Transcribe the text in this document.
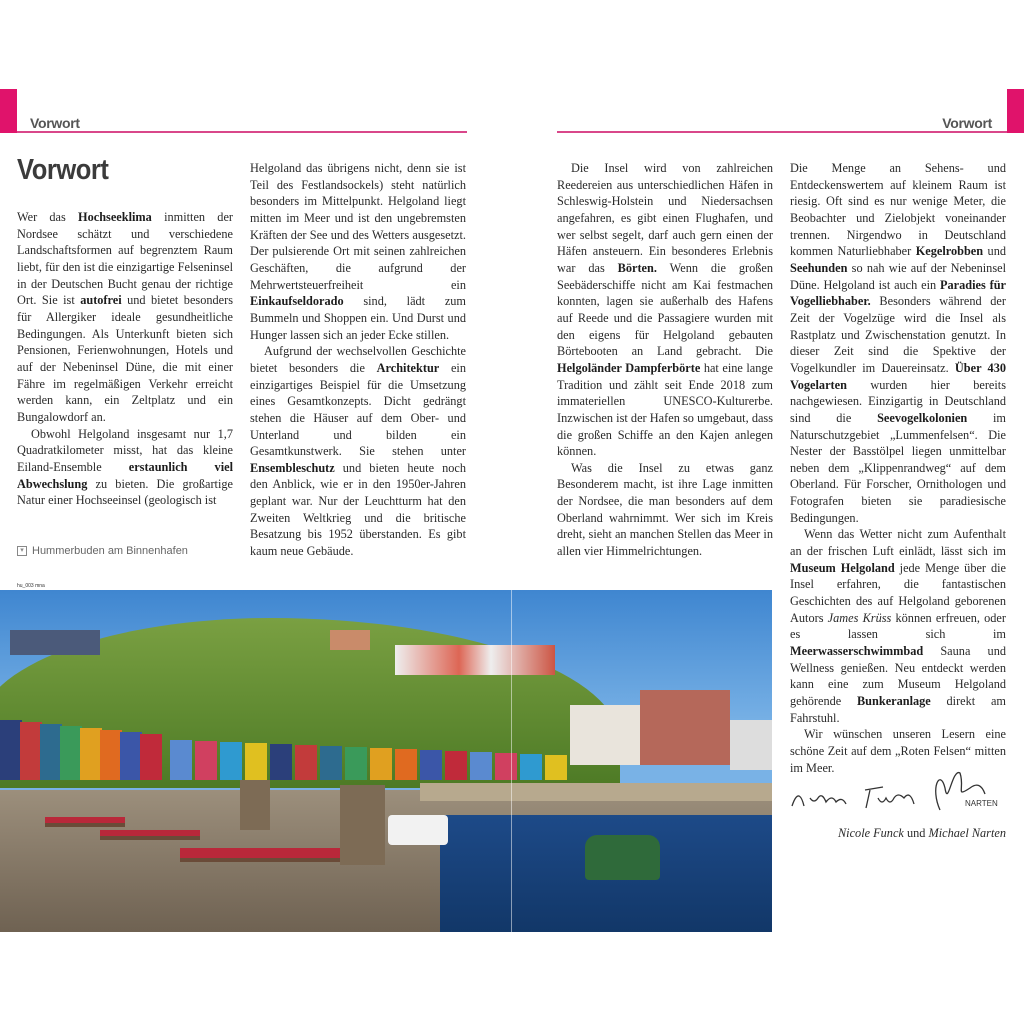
Vorwort	Vorwort
Vorwort

Wer das Hochseeklima inmitten der Nordsee schätzt und verschiedene Landschaftsformen auf begrenztem Raum liebt, für den ist die einzigartige Felseninsel in der Deutschen Bucht genau der richtige Ort. Sie ist autofrei und bietet besonders für Allergiker ideale gesundheitliche Bedingungen. Als Unterkunft bieten sich Pensionen, Ferienwohnungen, Hotels und auf der Nebeninsel Düne, die mit einer Fähre im regelmäßigen Verkehr erreicht werden kann, ein Zeltplatz und ein Bungalowdorf an.

Obwohl Helgoland insgesamt nur 1,7 Quadratkilometer misst, hat das kleine Eiland-Ensemble erstaunlich viel Abwechslung zu bieten. Die großartige Natur einer Hochseeinsel (geologisch ist

Helgoland das übrigens nicht, denn sie ist Teil des Festlandsockels) steht natürlich besonders im Mittelpunkt. Helgoland liegt mitten im Meer und ist den ungebremsten Kräften der See und des Wetters ausgesetzt. Der pulsierende Ort mit seinen zahlreichen Geschäften, die aufgrund der Mehrwertsteuerfreiheit ein Einkaufseldorado sind, lädt zum Bummeln und Shoppen ein. Und Durst und Hunger lassen sich an jeder Ecke stillen.

Aufgrund der wechselvollen Geschichte bietet besonders die Architektur ein einzigartiges Beispiel für die Umsetzung eines Gesamtkonzepts. Dicht gedrängt stehen die Häuser auf dem Ober- und Unterland und bilden ein Gesamtkunstwerk. Sie stehen unter Ensembleschutz und bieten heute noch den Anblick, wie er in den 1950er-Jahren geplant war. Nur der Leuchtturm hat den Zweiten Weltkrieg und die britische Besatzung bis 1952 überstanden. Es gibt kaum neue Gebäude.

Die Insel wird von zahlreichen Reedereien aus unterschiedlichen Häfen in Schleswig-Holstein und Niedersachsen angefahren, es gibt einen Flughafen, und wer selbst segelt, darf auch gern einen der Häfen ansteuern. Ein besonderes Erlebnis war das Börten. Wenn die großen Seebäderschiffe nicht am Kai festmachen konnten, lagen sie außerhalb des Hafens auf Reede und die Passagiere wurden mit den eigens für Helgoland gebauten Börtebooten an Land gebracht. Die Helgoländer Dampferbörte hat eine lange Tradition und zählt seit Ende 2018 zum immateriellen UNESCO-Kulturerbe. Inzwischen ist der Hafen so umgebaut, dass die großen Schiffe an den Kajen anlegen können.

Was die Insel zu etwas ganz Besonderem macht, ist ihre Lage inmitten der Nordsee, die man besonders auf dem Oberland wahrnimmt. Wer sich im Kreis dreht, sieht an manchen Stellen das Meer in allen vier Himmelrichtungen.

Die Menge an Sehens- und Entdeckenswertem auf kleinem Raum ist riesig. Oft sind es nur wenige Meter, die Beobachter und Zielobjekt voneinander trennen. Nirgendwo in Deutschland kommen Naturliebhaber Kegelrobben und Seehunden so nah wie auf der Nebeninsel Düne. Helgoland ist auch ein Paradies für Vogelliebhaber. Besonders während der Zeit der Vogelzüge wird die Insel als Rastplatz und Zwischenstation genutzt. In dieser Zeit sind die Spektive der Vogelkundler im Dauereinsatz. Über 430 Vogelarten wurden hier bereits nachgewiesen. Einzigartig in Deutschland sind die Seevogelkolonien im Naturschutzgebiet „Lummenfelsen“. Die Nester der Basstölpel liegen unmittelbar neben dem „Klippenrandweg“ auf dem Oberland. Für Forscher, Ornithologen und Fotografen bieten sie paradiesische Bedingungen.

Wenn das Wetter nicht zum Aufenthalt an der frischen Luft einlädt, lässt sich im Museum Helgoland jede Menge über die Insel erfahren, die fantastischen Geschichten des auf Helgoland geborenen Autors James Krüss können erfreuen, oder es lassen sich im Meerwasserschwimmbad Sauna und Wellness genießen. Neu entdeckt werden kann eine zum Museum Helgoland gehörende Bunkeranlage direkt am Fahrstuhl.

Wir wünschen unseren Lesern eine schöne Zeit auf dem „Roten Felsen“ mitten im Meer.

▾ Hummerbuden am Binnenhafen
hu_003 mna
NARTEN
Nicole Funck und Michael Narten
